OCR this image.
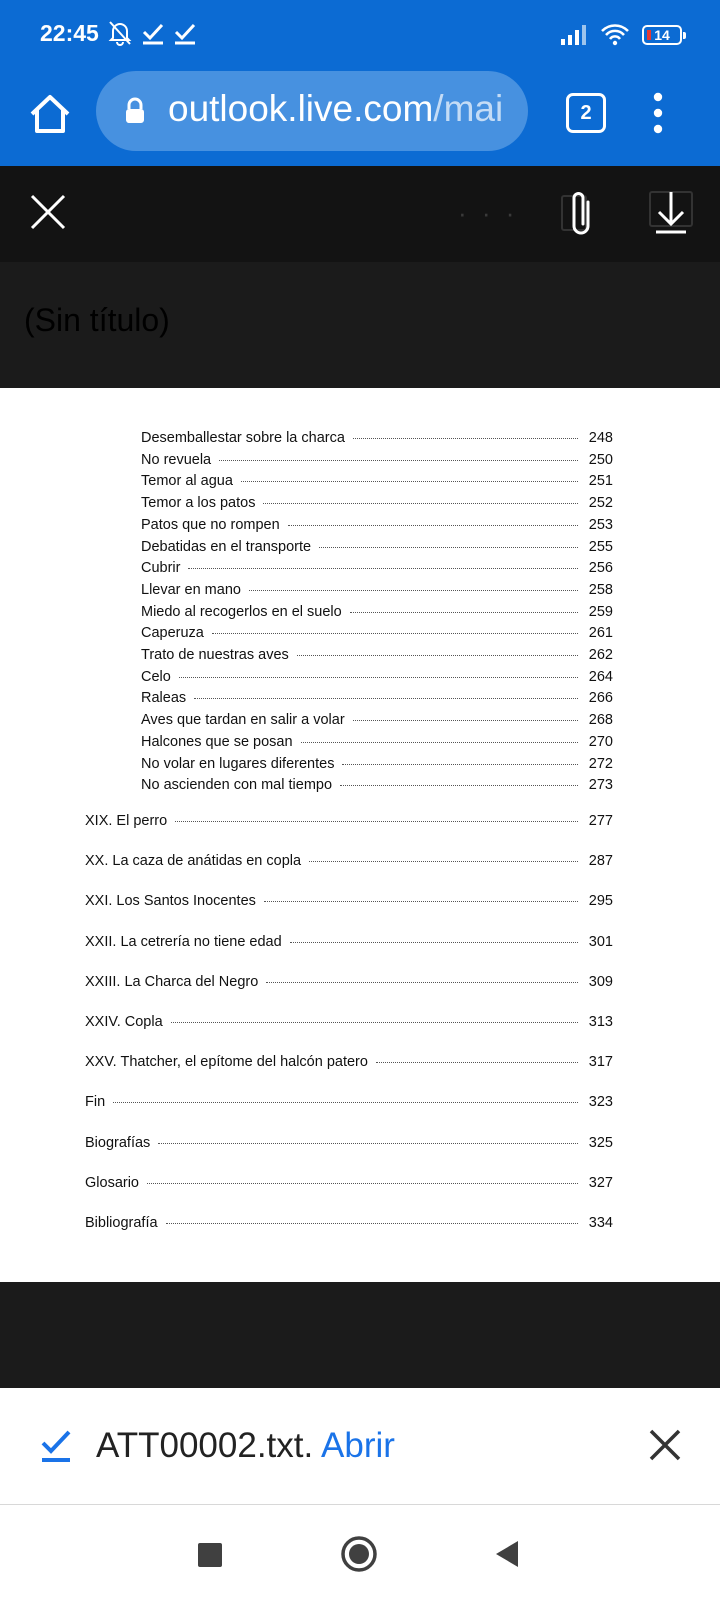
22:45	14
outlook.live.com/mai	2
· · ·
(Sin título)
Desemballestar sobre la charca	248
No revuela	250
Temor al agua	251
Temor a los patos	252
Patos que no rompen	253
Debatidas en el transporte	255
Cubrir	256
Llevar en mano	258
Miedo al recogerlos en el suelo	259
Caperuza	261
Trato de nuestras aves	262
Celo	264
Raleas	266
Aves que tardan en salir a volar	268
Halcones que se posan	270
No volar en lugares diferentes	272
No ascienden con mal tiempo	273
XIX. El perro	277
XX. La caza de anátidas en copla	287
XXI. Los Santos Inocentes	295
XXII. La cetrería no tiene edad	301
XXIII. La Charca del Negro	309
XXIV. Copla	313
XXV. Thatcher, el epítome del halcón patero	317
Fin	323
Biografías	325
Glosario	327
Bibliografía	334
ATT00002.txt. Abrir
